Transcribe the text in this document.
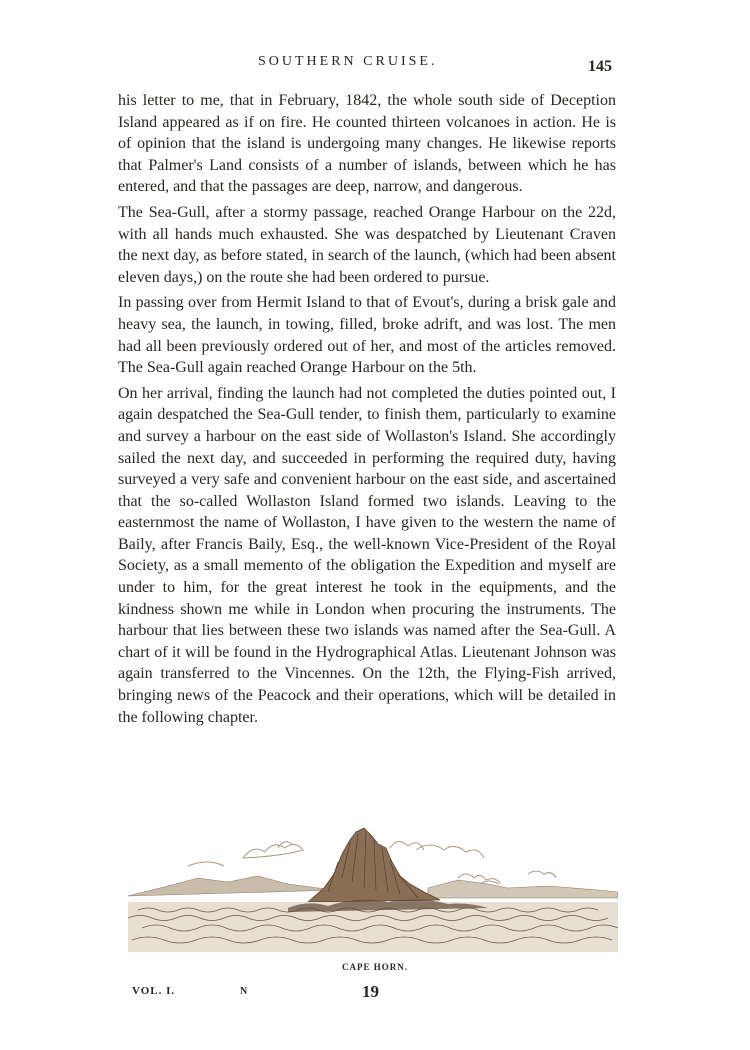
SOUTHERN CRUISE.	145

his letter to me, that in February, 1842, the whole south side of Deception Island appeared as if on fire. He counted thirteen volcanoes in action. He is of opinion that the island is undergoing many changes. He likewise reports that Palmer's Land consists of a number of islands, between which he has entered, and that the passages are deep, narrow, and dangerous.

The Sea-Gull, after a stormy passage, reached Orange Harbour on the 22d, with all hands much exhausted. She was despatched by Lieutenant Craven the next day, as before stated, in search of the launch, (which had been absent eleven days,) on the route she had been ordered to pursue.

In passing over from Hermit Island to that of Evout's, during a brisk gale and heavy sea, the launch, in towing, filled, broke adrift, and was lost. The men had all been previously ordered out of her, and most of the articles removed. The Sea-Gull again reached Orange Harbour on the 5th.

On her arrival, finding the launch had not completed the duties pointed out, I again despatched the Sea-Gull tender, to finish them, particularly to examine and survey a harbour on the east side of Wollaston's Island. She accordingly sailed the next day, and succeeded in performing the required duty, having surveyed a very safe and convenient harbour on the east side, and ascertained that the so-called Wollaston Island formed two islands. Leaving to the easternmost the name of Wollaston, I have given to the western the name of Baily, after Francis Baily, Esq., the well-known Vice-President of the Royal Society, as a small memento of the obligation the Expedition and myself are under to him, for the great interest he took in the equipments, and the kindness shown me while in London when procuring the instruments. The harbour that lies between these two islands was named after the Sea-Gull. A chart of it will be found in the Hydrographical Atlas. Lieutenant Johnson was again transferred to the Vincennes. On the 12th, the Flying-Fish arrived, bringing news of the Peacock and their operations, which will be detailed in the following chapter.

CAPE HORN.
VOL. I.	N	19
